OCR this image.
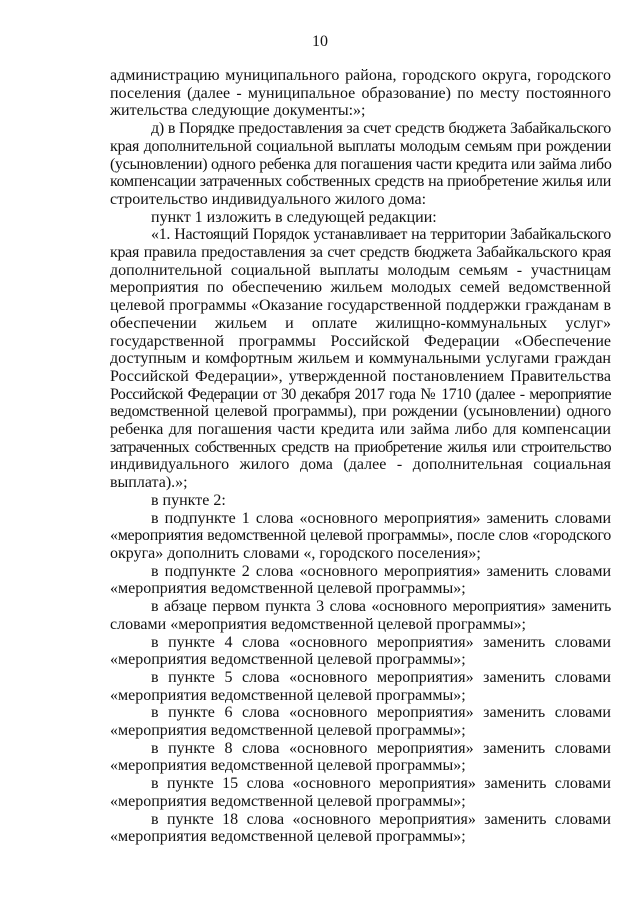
10
администрацию муниципального района, городского округа, городского
поселения (далее - муниципальное образование) по месту постоянного
жительства следующие документы:»;
д) в Порядке предоставления за счет средств бюджета Забайкальского
края дополнительной социальной выплаты молодым семьям при рождении
(усыновлении) одного ребенка для погашения части кредита или займа либо
компенсации затраченных собственных средств на приобретение жилья или
строительство индивидуального жилого дома:
пункт 1 изложить в следующей редакции:
«1. Настоящий Порядок устанавливает на территории Забайкальского
края правила предоставления за счет средств бюджета Забайкальского края
дополнительной социальной выплаты молодым семьям - участницам
мероприятия по обеспечению жильем молодых семей ведомственной
целевой программы «Оказание государственной поддержки гражданам в
обеспечении жильем и оплате жилищно-коммунальных услуг»
государственной программы Российской Федерации «Обеспечение
доступным и комфортным жильем и коммунальными услугами граждан
Российской Федерации», утвержденной постановлением Правительства
Российской Федерации от 30 декабря 2017 года № 1710 (далее - мероприятие
ведомственной целевой программы), при рождении (усыновлении) одного
ребенка для погашения части кредита или займа либо для компенсации
затраченных собственных средств на приобретение жилья или строительство
индивидуального жилого дома (далее - дополнительная социальная
выплата).»;
в пункте 2:
в подпункте 1 слова «основного мероприятия» заменить словами
«мероприятия ведомственной целевой программы», после слов «городского
округа» дополнить словами «, городского поселения»;
в подпункте 2 слова «основного мероприятия» заменить словами
«мероприятия ведомственной целевой программы»;
в абзаце первом пункта 3 слова «основного мероприятия» заменить
словами «мероприятия ведомственной целевой программы»;
в пункте 4 слова «основного мероприятия» заменить словами
«мероприятия ведомственной целевой программы»;
в пункте 5 слова «основного мероприятия» заменить словами
«мероприятия ведомственной целевой программы»;
в пункте 6 слова «основного мероприятия» заменить словами
«мероприятия ведомственной целевой программы»;
в пункте 8 слова «основного мероприятия» заменить словами
«мероприятия ведомственной целевой программы»;
в пункте 15 слова «основного мероприятия» заменить словами
«мероприятия ведомственной целевой программы»;
в пункте 18 слова «основного мероприятия» заменить словами
«мероприятия ведомственной целевой программы»;
